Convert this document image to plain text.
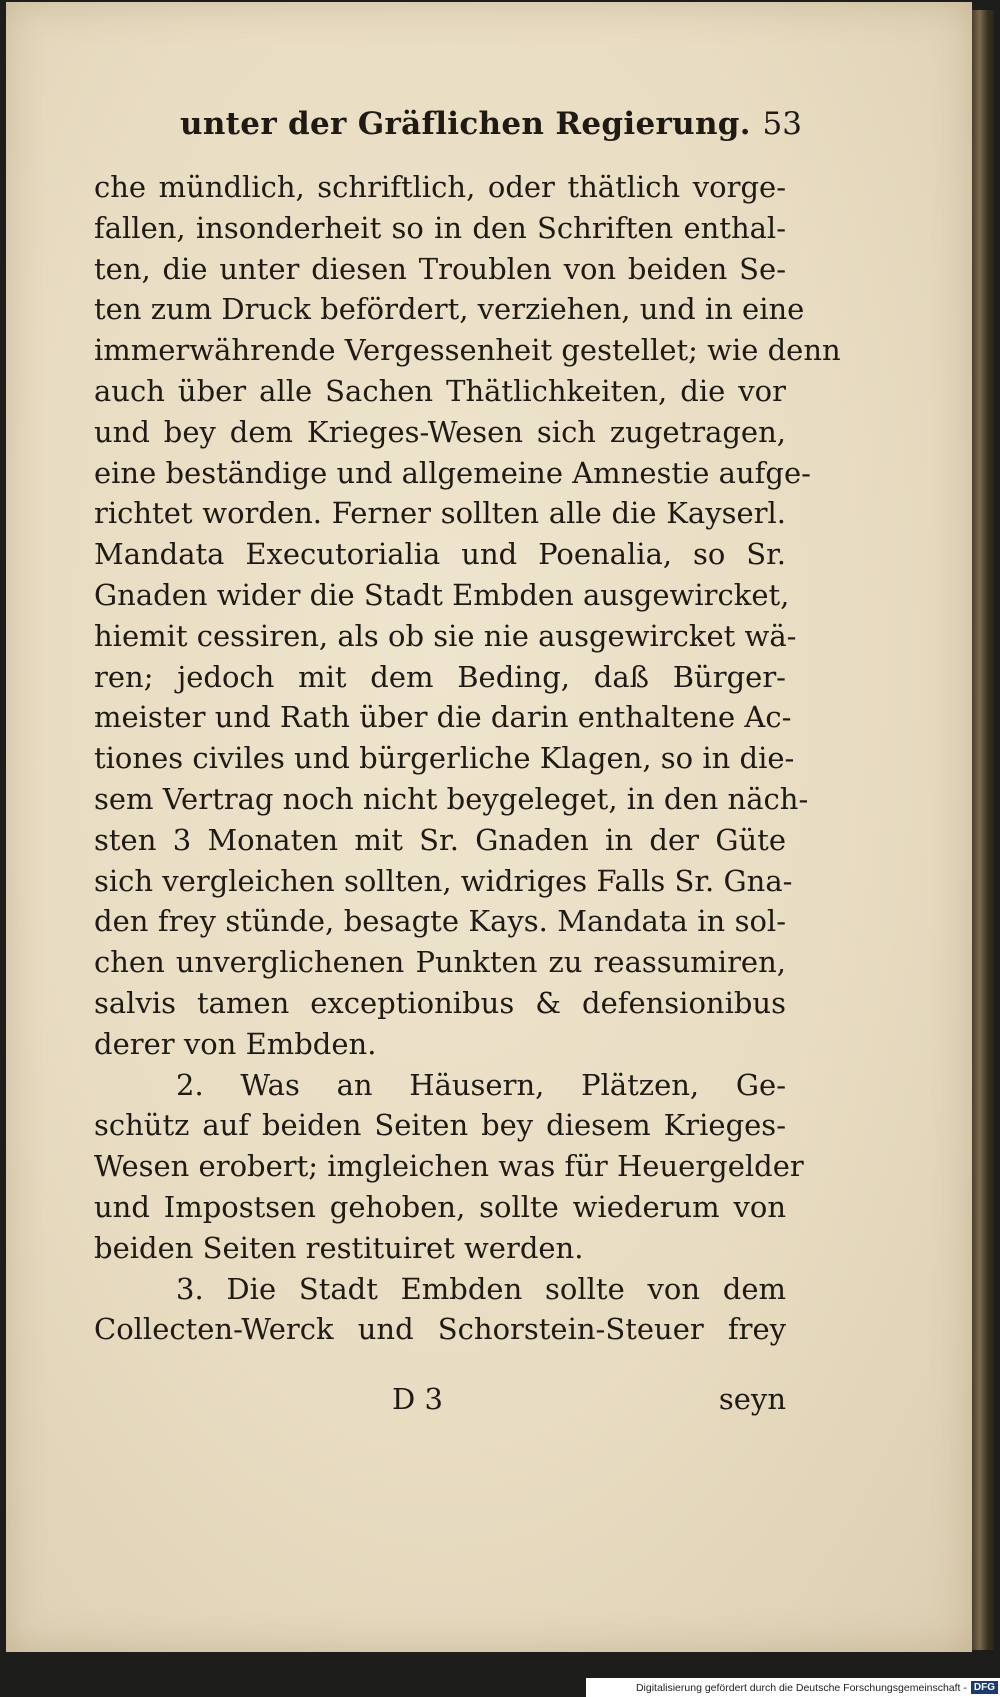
unter der Gräflichen Regierung. 53
che mündlich, schriftlich, oder thätlich vorge-
fallen, insonderheit so in den Schriften enthal-
ten, die unter diesen Troublen von beiden Se-
ten zum Druck befördert, verziehen, und in eine
immerwährende Vergessenheit gestellet; wie denn
auch über alle Sachen Thätlichkeiten, die vor
und bey dem Krieges-Wesen sich zugetragen,
eine beständige und allgemeine Amnestie aufge-
richtet worden. Ferner sollten alle die Kayserl.
Mandata Executorialia und Poenalia, so Sr.
Gnaden wider die Stadt Embden ausgewircket,
hiemit cessiren, als ob sie nie ausgewircket wä-
ren; jedoch mit dem Beding, daß Bürger-
meister und Rath über die darin enthaltene Ac-
tiones civiles und bürgerliche Klagen, so in die-
sem Vertrag noch nicht beygeleget, in den näch-
sten 3 Monaten mit Sr. Gnaden in der Güte
sich vergleichen sollten, widriges Falls Sr. Gna-
den frey stünde, besagte Kays. Mandata in sol-
chen unverglichenen Punkten zu reassumiren,
salvis tamen exceptionibus & defensionibus
derer von Embden.
2. Was an Häusern, Plätzen, Ge-
schütz auf beiden Seiten bey diesem Krieges-
Wesen erobert; imgleichen was für Heuergelder
und Impostsen gehoben, sollte wiederum von
beiden Seiten restituiret werden.
3. Die Stadt Embden sollte von dem
Collecten-Werck und Schorstein-Steuer frey
D 3	seyn
Digitalisierung gefördert durch die Deutsche Forschungsgemeinschaft - DFG
